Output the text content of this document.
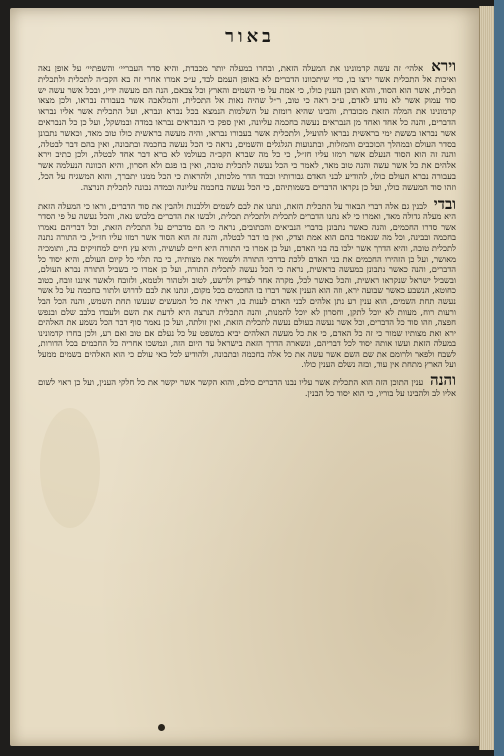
באור

וירא אלהי׳ זה עשה קדמונינו את המעלה הזאת, ובחרו במעלה יותר מכבדת, והיא סדר העבריי׳ והשפתיי׳ על אופן נאה ואיכות אל התכלית אשר ירצו בו, כדי שיתכוונו הדברים לא באופן העמם לבד, ע״כ אמרו אחרי זה בא הקב״ה לתכלית ולתכלית תכלית, אשר הוא הסוד, והוא תוכן הענין כולו, כי אמת על פי השמים והארץ וכל צבאם, הנה הם מעשה ידיו, ובכל אשר עשה יש סוד עמוק אשר לא נודע לאדם, ע״כ ראה כי טוב, ר״ל שהיה נאות אל התכלית, והמלאכה אשר בעבורה נבראו, ולכן מצאו קדמונינו את המלה הזאת מכובדת, והבינו שהיא רומזת על השלמות הנמצא בכל נברא ונברא, ועל התכלית אשר אליו נבראו הדברים, והנה כל אחד ואחד מן הנבראים נעשה בחכמה עליונה, ואין ספק כי הנבראים נבראו במדה ובמשקל, ועל כן כל הנבראים אשר נבראו בששת ימי בראשית נבראו להועיל, ולתכלית אשר בעבורו נבראו, והיה מעשה בראשית כולו טוב מאד, וכאשר נתבונן בסדר העולם ובמהלך הכוכבים והמזלות, ובתנועות הגלגלים והשמים, נראה כי הכל נעשה בחכמה ובתבונה, ואין בהם דבר לבטלה, והנה זה הוא הסוד הנעלם אשר רמזו עליו חז״ל, כי כל מה שברא הקב״ה בעולמו לא ברא דבר אחד לבטלה, ולכן כתיב וירא אלהים את כל אשר עשה והנה טוב מאד, לאמר כי הכל נעשה לתכלית טובה, ואין בו פגם ולא חסרון, והיא הכוונה הנעלמה אשר בעבורה נברא העולם כולו, להודיע לבני האדם גבורותיו וכבוד הדר מלכותו, ולהראות כי הכל ממנו יתברך, והוא המשגיח על הכל, וזהו סוד המעשה כולו, ועל כן נקראו הדברים בשמותיהם, כי הכל נעשה בחכמה עליונה ובמדה נכונה לתכלית הנרצה.

ובדי לבנין גם אלה דברי הבאור על התכלית הזאת, ונתנו את לבם לשמים וללבנות ולהבין את סוד הדברים, וראו כי המעלה הזאת היא מעלה גדולה מאד, ואמרו כי לא נתנו הדברים לתכלית ולתכלית תכלית, ולבשו את הדברים בלבוש נאה, והכל נעשה על פי הסדר אשר סדרו החכמים, והנה כאשר נתבונן בדברי הנביאים והכתובים, נראה כי הם מדברים על התכלית הזאת, וכל דבריהם נאמרו בחכמה ובבינה, וכל מה שנאמר בהם הוא אמת וצדק, ואין בו דבר לבטלה, והנה זה הוא הסוד אשר רמזו עליו חז״ל, כי התורה נתנה לתכלית טובה, והיא הדרך אשר ילכו בה בני האדם, ועל כן אמרו כי התורה היא חיים לעושיה, והיא עץ חיים למחזיקים בה, ותומכיה מאושר, ועל כן הזהירו החכמים את בני האדם ללכת בדרכי התורה ולשמור את מצותיה, כי בה תלוי כל קיום העולם, והיא יסוד כל הדברים, והנה כאשר נתבונן במעשה בראשית, נראה כי הכל נעשה לתכלית התורה, ועל כן אמרו כי בשביל התורה נברא העולם, ובשביל ישראל שנקראו ראשית, והכל כאשר לכל, מקרה אחד לצדיק ולרשע, לטוב ולטהור ולטמא, ולזובח ולאשר איננו זובח, כטוב כחוטא, הנשבע כאשר שבועה ירא, וזה הוא הענין אשר דברו בו החכמים בכל מקום, ונתנו את לבם לדרוש ולתור בחכמה על כל אשר נעשה תחת השמים, הוא ענין רע נתן אלהים לבני האדם לענות בו, ראיתי את כל המעשים שנעשו תחת השמש, והנה הכל הבל ורעות רוח, מעוות לא יוכל לתקן, וחסרון לא יוכל להמנות, והנה התכלית הנרצה היא לדעת את השם ולעבדו בלבב שלם ובנפש חפצה, וזהו סוד כל הדברים, וכל אשר נעשה בעולם נעשה לתכלית הזאת, ואין זולתה, ועל כן נאמר סוף דבר הכל נשמע את האלהים ירא ואת מצותיו שמור כי זה כל האדם, כי את כל מעשה האלהים יביא במשפט על כל נעלם אם טוב ואם רע, ולכן בחרו קדמונינו במעלה הזאת ועשו אותה יסוד לכל דבריהם, ונשארה הדרך הזאת בישראל עד היום הזה, ונמשכו אחריה כל החכמים בכל הדורות, לשבח ולפאר ולרומם את שם השם אשר עשה את כל אלה בחכמה ובתבונה, ולהודיע לכל באי עולם כי הוא האלהים בשמים ממעל ועל הארץ מתחת אין עוד, ובזה נשלם הענין כולו.

והנה ענין התוכן הזה הוא התכלית אשר עליו נבנו הדברים כולם, והוא הקשר אשר יקשר את כל חלקי הענין, ועל כן ראוי לשום אליו לב ולהבינו על בוריו, כי הוא יסוד כל הבנין.
